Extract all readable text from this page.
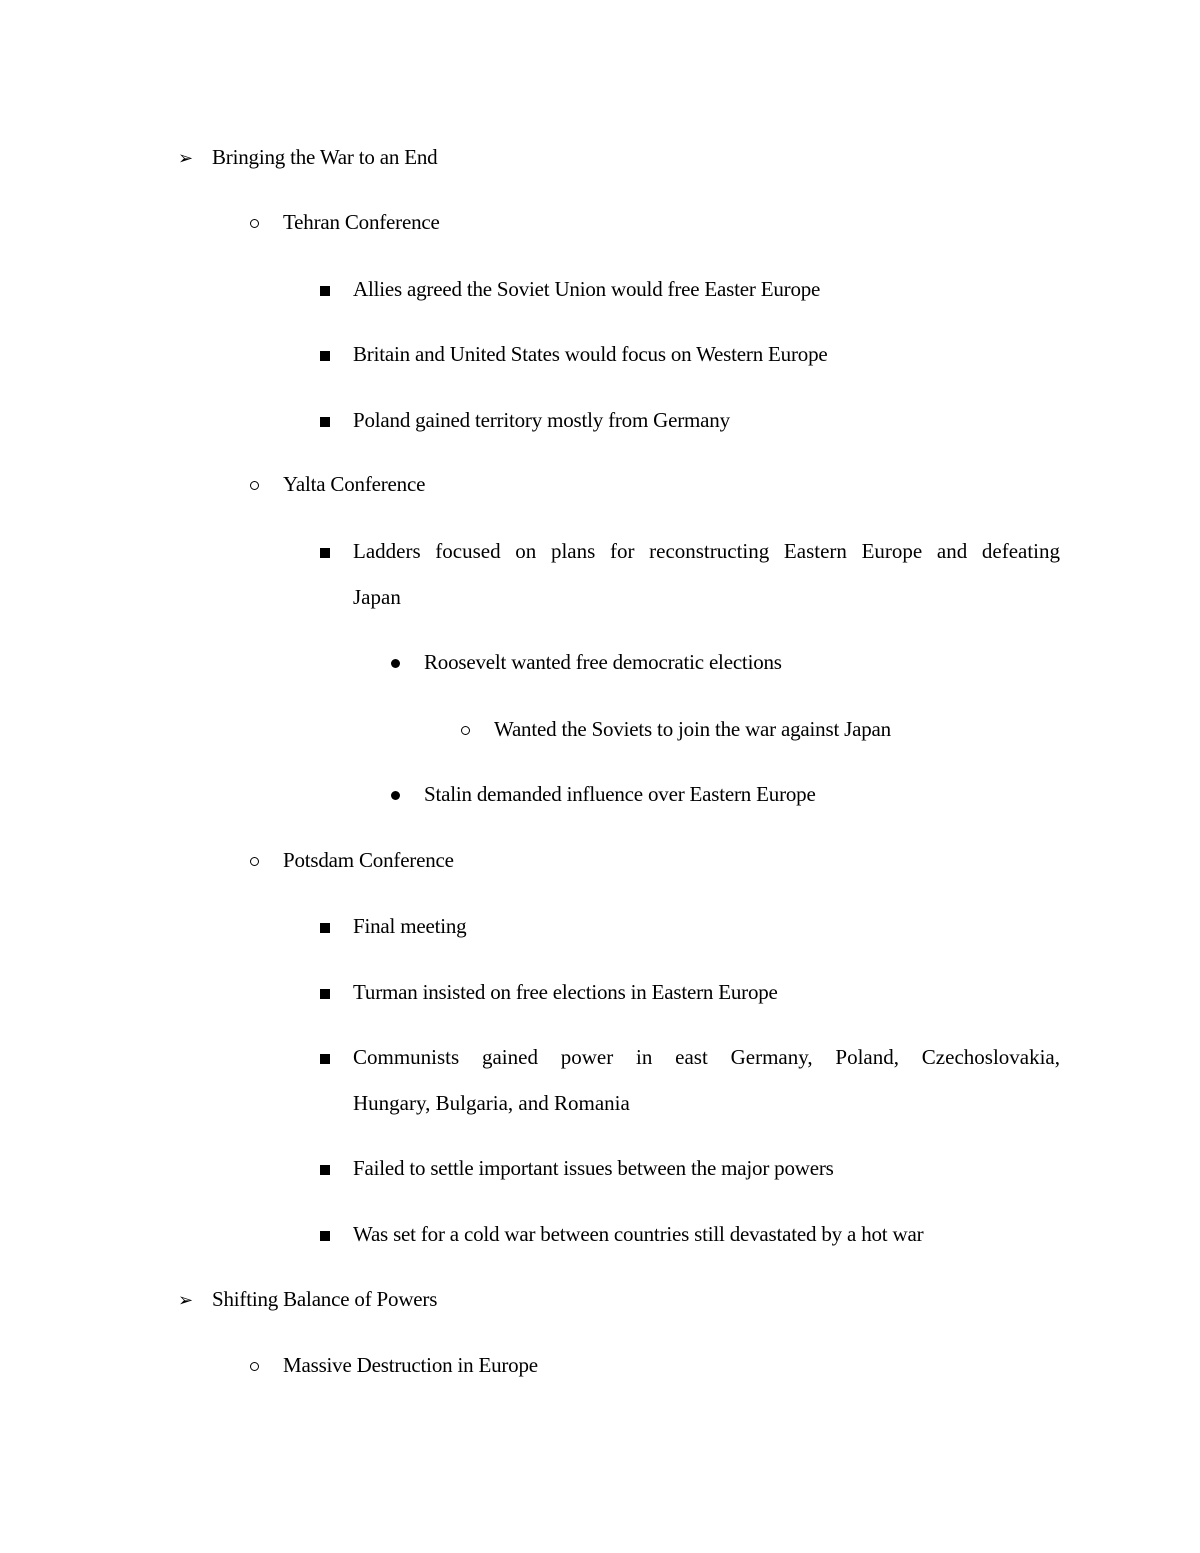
➢ Bringing the War to an End
Tehran Conference
Allies agreed the Soviet Union would free Easter Europe
Britain and United States would focus on Western Europe
Poland gained territory mostly from Germany
Yalta Conference
Ladders focused on plans for reconstructing Eastern Europe and defeating
Japan
Roosevelt wanted free democratic elections
Wanted the Soviets to join the war against Japan
Stalin demanded influence over Eastern Europe
Potsdam Conference
Final meeting
Turman insisted on free elections in Eastern Europe
Communists gained power in east Germany, Poland, Czechoslovakia,
Hungary, Bulgaria, and Romania
Failed to settle important issues between the major powers
Was set for a cold war between countries still devastated by a hot war
➢ Shifting Balance of Powers
Massive Destruction in Europe
